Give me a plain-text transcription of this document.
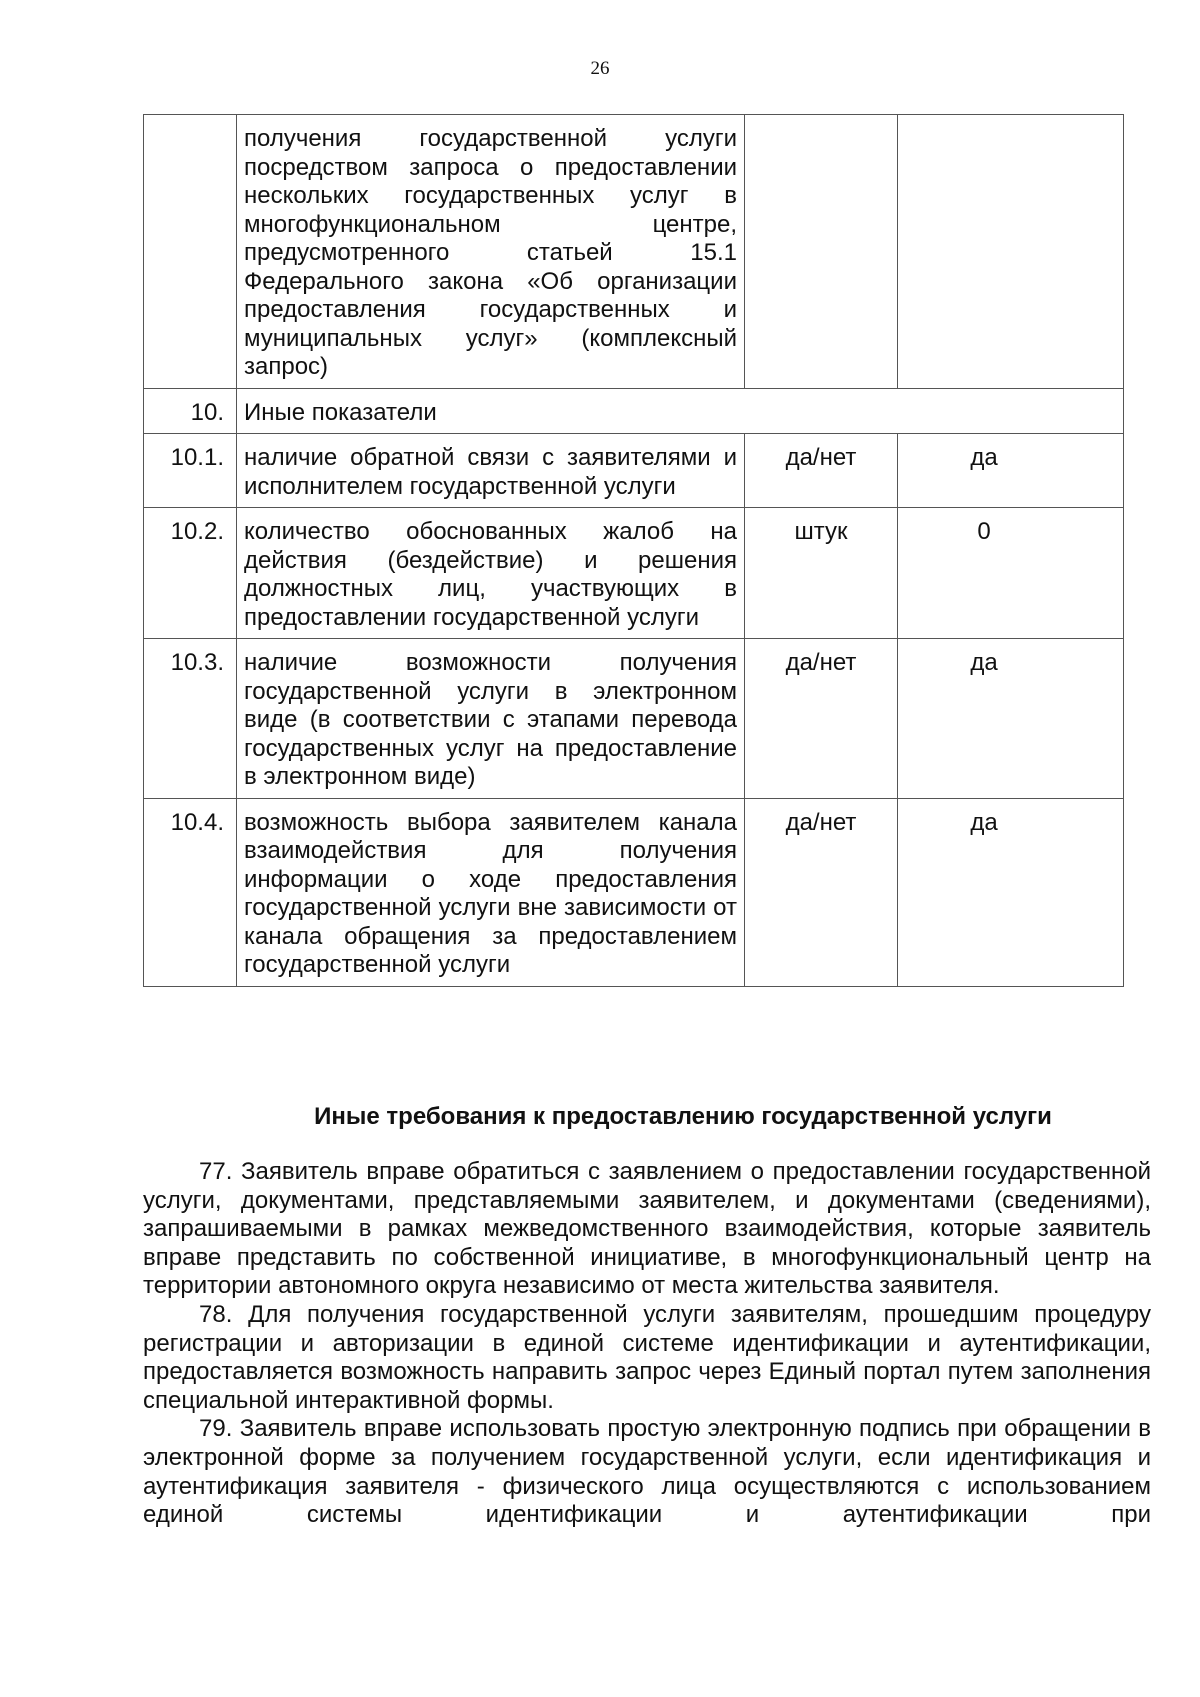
26
	получения государственной услуги посредством запроса о предоставлении нескольких государственных услуг в многофункциональном центре, предусмотренного статьей 15.1 Федерального закона «Об организации предоставления государственных и муниципальных услуг» (комплексный запрос)		
10.	Иные показатели		
10.1.	наличие обратной связи с заявителями и исполнителем государственной услуги	да/нет	да
10.2.	количество обоснованных жалоб на действия (бездействие) и решения должностных лиц, участвующих в предоставлении государственной услуги	штук	0
10.3.	наличие возможности получения государственной услуги в электронном виде (в соответствии с этапами перевода государственных услуг на предоставление в электронном виде)	да/нет	да
10.4.	возможность выбора заявителем канала взаимодействия для получения информации о ходе предоставления государственной услуги вне зависимости от канала обращения за предоставлением государственной услуги	да/нет	да
Иные требования к предоставлению государственной услуги

77. Заявитель вправе обратиться с заявлением о предоставлении государственной услуги, документами, представляемыми заявителем, и документами (сведениями), запрашиваемыми в рамках межведомственного взаимодействия, которые заявитель вправе представить по собственной инициативе, в многофункциональный центр на территории автономного округа независимо от места жительства заявителя.

78. Для получения государственной услуги заявителям, прошедшим процедуру регистрации и авторизации в единой системе идентификации и аутентификации, предоставляется возможность направить запрос через Единый портал путем заполнения специальной интерактивной формы.

79. Заявитель вправе использовать простую электронную подпись при обращении в электронной форме за получением государственной услуги, если идентификация и аутентификация заявителя - физического лица осуществляются с использованием единой системы идентификации и аутентификации при
